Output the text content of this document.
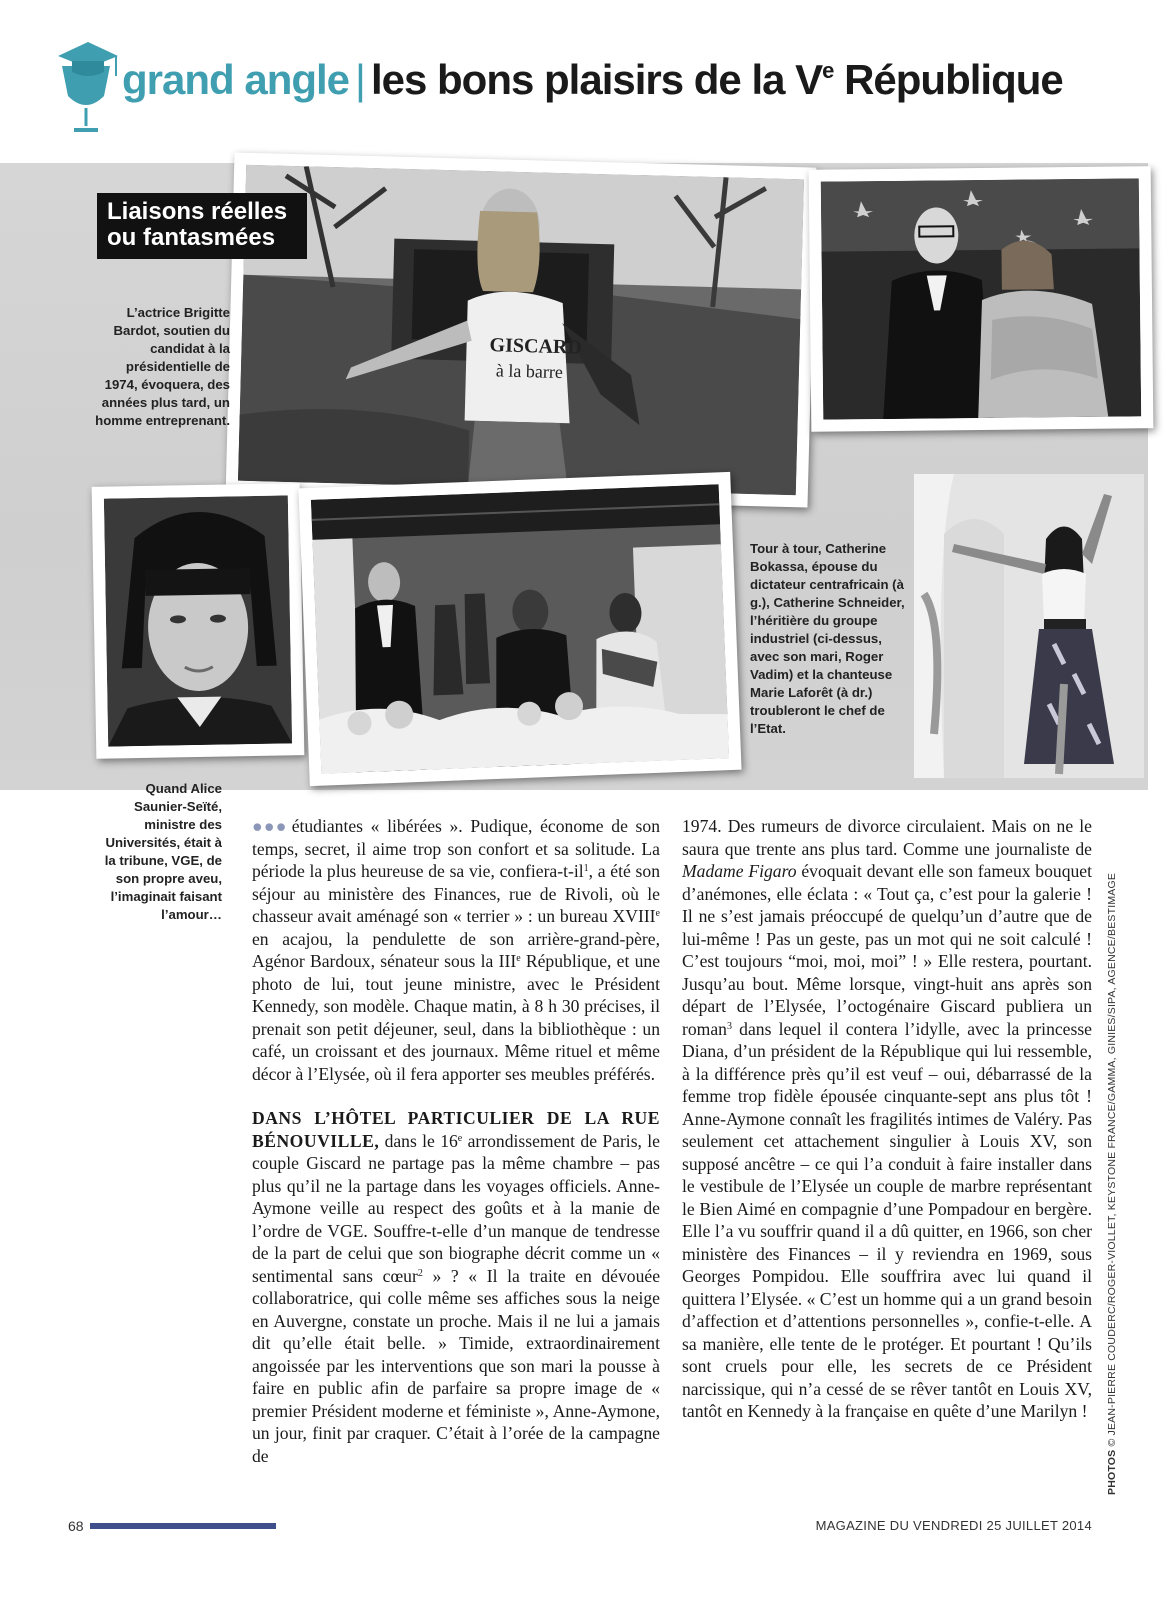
grand angle | les bons plaisirs de la Ve République
GISCARD
à la barre
Liaisons réelles
ou fantasmées
L’actrice Brigitte Bardot, soutien du candidat à la présidentielle de 1974, évoquera, des années plus tard, un homme entreprenant.
Tour à tour, Catherine Bokassa, épouse du dictateur centrafricain (à g.), Catherine Schneider, l’héritière du groupe industriel (ci-dessus, avec son mari, Roger Vadim) et la chanteuse Marie Laforêt (à dr.) troubleront le chef de l’Etat.
Quand Alice Saunier-Seïté, ministre des Universités, était à la tribune, VGE, de son propre aveu, l’imaginait faisant l’amour…

●●● étudiantes « libérées ». Pudique, économe de son temps, secret, il aime trop son confort et sa solitude. La période la plus heureuse de sa vie, confiera-$t-il^1$, a été son séjour au ministère des Finances, rue de Rivoli, où le chasseur avait aménagé son « terrier » : un bureau XVIIIe en acajou, la pendulette de son arrière-grand-père, Agénor Bardoux, sénateur sous la IIIe République, et une photo de lui, tout jeune ministre, avec le Président Kennedy, son modèle. Chaque matin, à 8 h 30 précises, il prenait son petit déjeuner, seul, dans la bibliothèque : un café, un croissant et des journaux. Même rituel et même décor à l’Elysée, où il fera apporter ses meubles préférés.

DANS L’HÔTEL PARTICULIER DE LA RUE BÉNOUVILLE, dans le 16e arrondissement de Paris, le couple Giscard ne partage pas la même chambre – pas plus qu’il ne la partage dans les voyages officiels. Anne-Aymone veille au respect des goûts et à la manie de l’ordre de VGE. Souffre-t-elle d’un manque de tendresse de la part de celui que son biographe décrit comme un « sentimental sans cœur$^2$ » ? « Il la traite en dévouée collaboratrice, qui colle même ses affiches sous la neige en Auvergne, constate un proche. Mais il ne lui a jamais dit qu’elle était belle. » Timide, extraordinairement angoissée par les interventions que son mari la pousse à faire en public afin de parfaire sa propre image de « premier Président moderne et féministe », Anne-Aymone, un jour, finit par craquer. C’était à l’orée de la campagne de

1974. Des rumeurs de divorce circulaient. Mais on ne le saura que trente ans plus tard. Comme une journaliste de Madame Figaro évoquait devant elle son fameux bouquet d’anémones, elle éclata : « Tout ça, c’est pour la galerie ! Il ne s’est jamais préoccupé de quelqu’un d’autre que de lui-même ! Pas un geste, pas un mot qui ne soit calculé ! C’est toujours “moi, moi, moi” ! » Elle restera, pourtant. Jusqu’au bout. Même lorsque, vingt-huit ans après son départ de l’Elysée, l’octogénaire Giscard publiera un roman$^3$ dans lequel il contera l’idylle, avec la princesse Diana, d’un président de la République qui lui ressemble, à la différence près qu’il est veuf – oui, débarrassé de la femme trop fidèle épousée cinquante-sept ans plus tôt ! Anne-Aymone connaît les fragilités intimes de Valéry. Pas seulement cet attachement singulier à Louis XV, son supposé ancêtre – ce qui l’a conduit à faire installer dans le vestibule de l’Elysée un couple de marbre représentant le Bien Aimé en compagnie d’une Pompadour en bergère. Elle l’a vu souffrir quand il a dû quitter, en 1966, son cher ministère des Finances – il y reviendra en 1969, sous Georges Pompidou. Elle souffrira avec lui quand il quittera l’Elysée. « C’est un homme qui a un grand besoin d’affection et d’attentions personnelles », confie-t-elle. A sa manière, elle tente de le protéger. Et pourtant ! Qu’ils sont cruels pour elle, les secrets de ce Président narcissique, qui n’a cessé de se rêver tantôt en Louis XV, tantôt en Kennedy à la française en quête d’une Marilyn !

PHOTOS © JEAN-PIERRE COUDERC/ROGER-VIOLLET, KEYSTONE FRANCE/GAMMA, GINIES/SIPA, AGENCE/BESTIMAGE
68	MAGAZINE DU VENDREDI 25 JUILLET 2014
